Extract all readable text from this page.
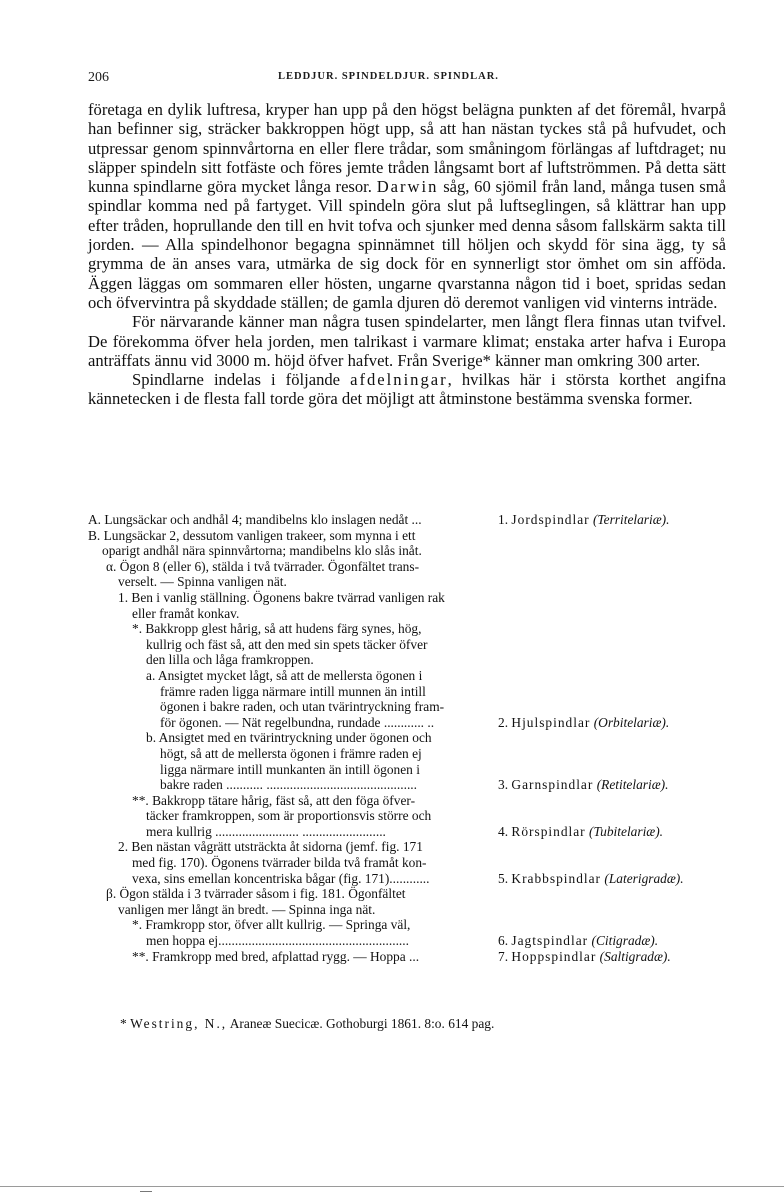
206	LEDDJUR. SPINDELDJUR. SPINDLAR.

företaga en dylik luftresa, kryper han upp på den högst belägna punkten af det föremål, hvarpå han befinner sig, sträcker bakkroppen högt upp, så att han nästan tyckes stå på hufvudet, och utpressar genom spinnvårtorna en eller flere trådar, som småningom förlängas af luftdraget; nu släpper spindeln sitt fotfäste och föres jemte tråden långsamt bort af luftströmmen. På detta sätt kunna spindlarne göra mycket långa resor. Darwin såg, 60 sjömil från land, många tusen små spindlar komma ned på fartyget. Vill spindeln göra slut på luftseglingen, så klättrar han upp efter tråden, hoprullande den till en hvit tofva och sjunker med denna såsom fallskärm sakta till jorden. — Alla spindelhonor begagna spinnämnet till höljen och skydd för sina ägg, ty så grymma de än anses vara, utmärka de sig dock för en synnerligt stor ömhet om sin afföda. Äggen läggas om sommaren eller hösten, ungarne qvarstanna någon tid i boet, spridas sedan och öfvervintra på skyddade ställen; de gamla djuren dö deremot vanligen vid vinterns inträde.

För närvarande känner man några tusen spindelarter, men långt flera finnas utan tvifvel. De förekomma öfver hela jorden, men talrikast i varmare klimat; enstaka arter hafva i Europa anträffats ännu vid 3000 m. höjd öfver hafvet. Från Sverige* känner man omkring 300 arter.

Spindlarne indelas i följande afdelningar, hvilkas här i största korthet angifna kännetecken i de flesta fall torde göra det möjligt att åtminstone bestämma svenska former.

A. Lungsäckar och andhål 4; mandibelns klo inslagen nedåt ...	1. Jordspindlar (Territelariæ).
B. Lungsäckar 2, dessutom vanligen trakeer, som mynna i ett
oparigt andhål nära spinnvårtorna; mandibelns klo slås inåt.
α. Ögon 8 (eller 6), stälda i två tvärrader. Ögonfältet trans-
verselt. — Spinna vanligen nät.
1. Ben i vanlig ställning. Ögonens bakre tvärrad vanligen rak
eller framåt konkav.
*. Bakkropp glest hårig, så att hudens färg synes, hög,
kullrig och fäst så, att den med sin spets täcker öfver
den lilla och låga framkroppen.
a. Ansigtet mycket lågt, så att de mellersta ögonen i
främre raden ligga närmare intill munnen än intill
ögonen i bakre raden, och utan tvärintryckning fram-
för ögonen. — Nät regelbundna, rundade ............ ..	2. Hjulspindlar (Orbitelariæ).
b. Ansigtet med en tvärintryckning under ögonen och
högt, så att de mellersta ögonen i främre raden ej
ligga närmare intill munkanten än intill ögonen i
bakre raden ........... .............................................	3. Garnspindlar (Retitelariæ).
**. Bakkropp tätare hårig, fäst så, att den föga öfver-
täcker framkroppen, som är proportionsvis större och
mera kullrig ......................... .........................	4. Rörspindlar (Tubitelariæ).
2. Ben nästan vågrätt utsträckta åt sidorna (jemf. fig. 171
med fig. 170). Ögonens tvärrader bilda två framåt kon-
vexa, sins emellan koncentriska bågar (fig. 171)............	5. Krabbspindlar (Laterigradæ).
β. Ögon stälda i 3 tvärrader såsom i fig. 181. Ögonfältet
vanligen mer långt än bredt. — Spinna inga nät.
*. Framkropp stor, öfver allt kullrig. — Springa väl,
men hoppa ej.........................................................	6. Jagtspindlar (Citigradæ).
**. Framkropp med bred, afplattad rygg. — Hoppa ...	7. Hoppspindlar (Saltigradæ).
* Westring, N., Araneæ Suecicæ. Gothoburgi 1861. 8:o. 614 pag.
